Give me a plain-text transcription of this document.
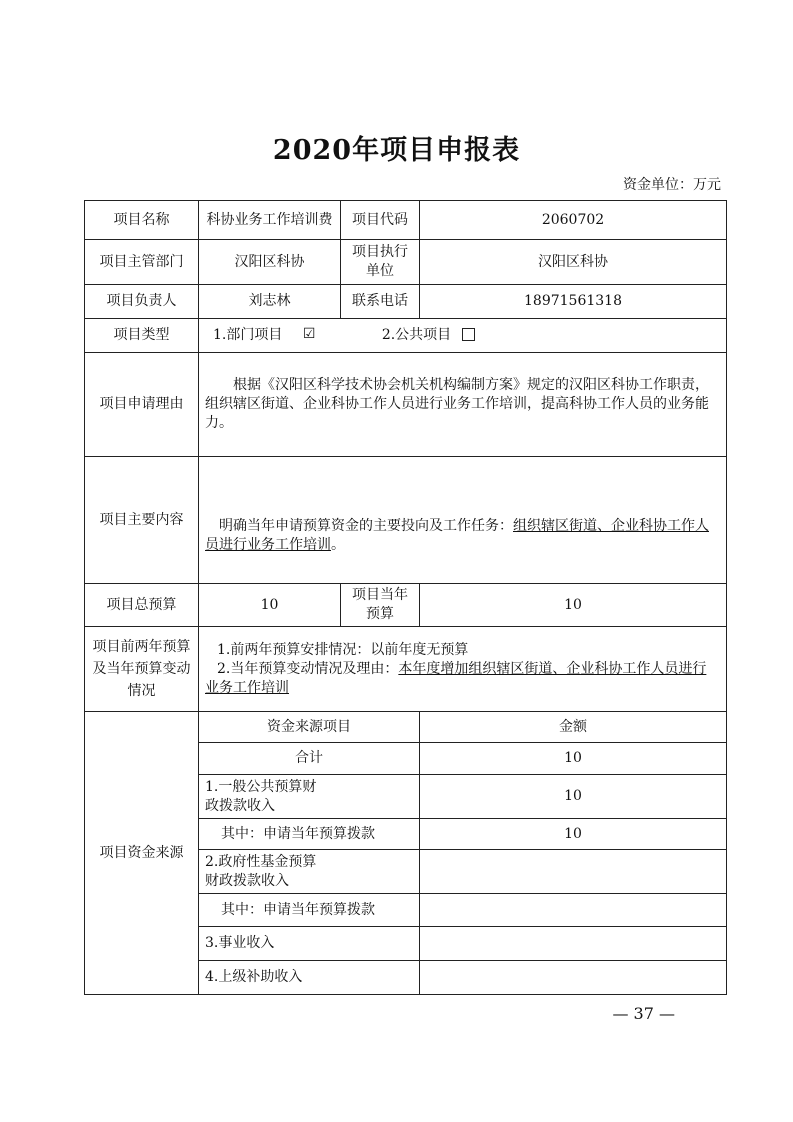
2020年项目申报表
资金单位：万元
项目名称	科协业务工作培训费	项目代码	2060702
项目主管部门	汉阳区科协	项目执行单位	汉阳区科协
项目负责人	刘志林	联系电话	18971561318
项目类型	1.部门项目 ☑ 2.公共项目		
项目申请理由	根据《汉阳区科学技术协会机关机构编制方案》规定的汉阳区科协工作职责，组织辖区街道、企业科协工作人员进行业务工作培训，提高科协工作人员的业务能力。		
项目主要内容	明确当年申请预算资金的主要投向及工作任务：组织辖区街道、企业科协工作人员进行业务工作培训。		
项目总预算	10	项目当年预算	10
项目前两年预算及当年预算变动情况	1.前两年预算安排情况：以前年度无预算
2.当年预算变动情况及理由：本年度增加组织辖区街道、企业科协工作人员进行业务工作培训		

项目资金来源	资金来源项目		金额
	合计		10
	1.一般公共预算财政拨款收入		10
	其中：申请当年预算拨款		10
	2.政府性基金预算财政拨款收入		
	其中：申请当年预算拨款		
	3.事业收入		
	4.上级补助收入		
— 37 —
